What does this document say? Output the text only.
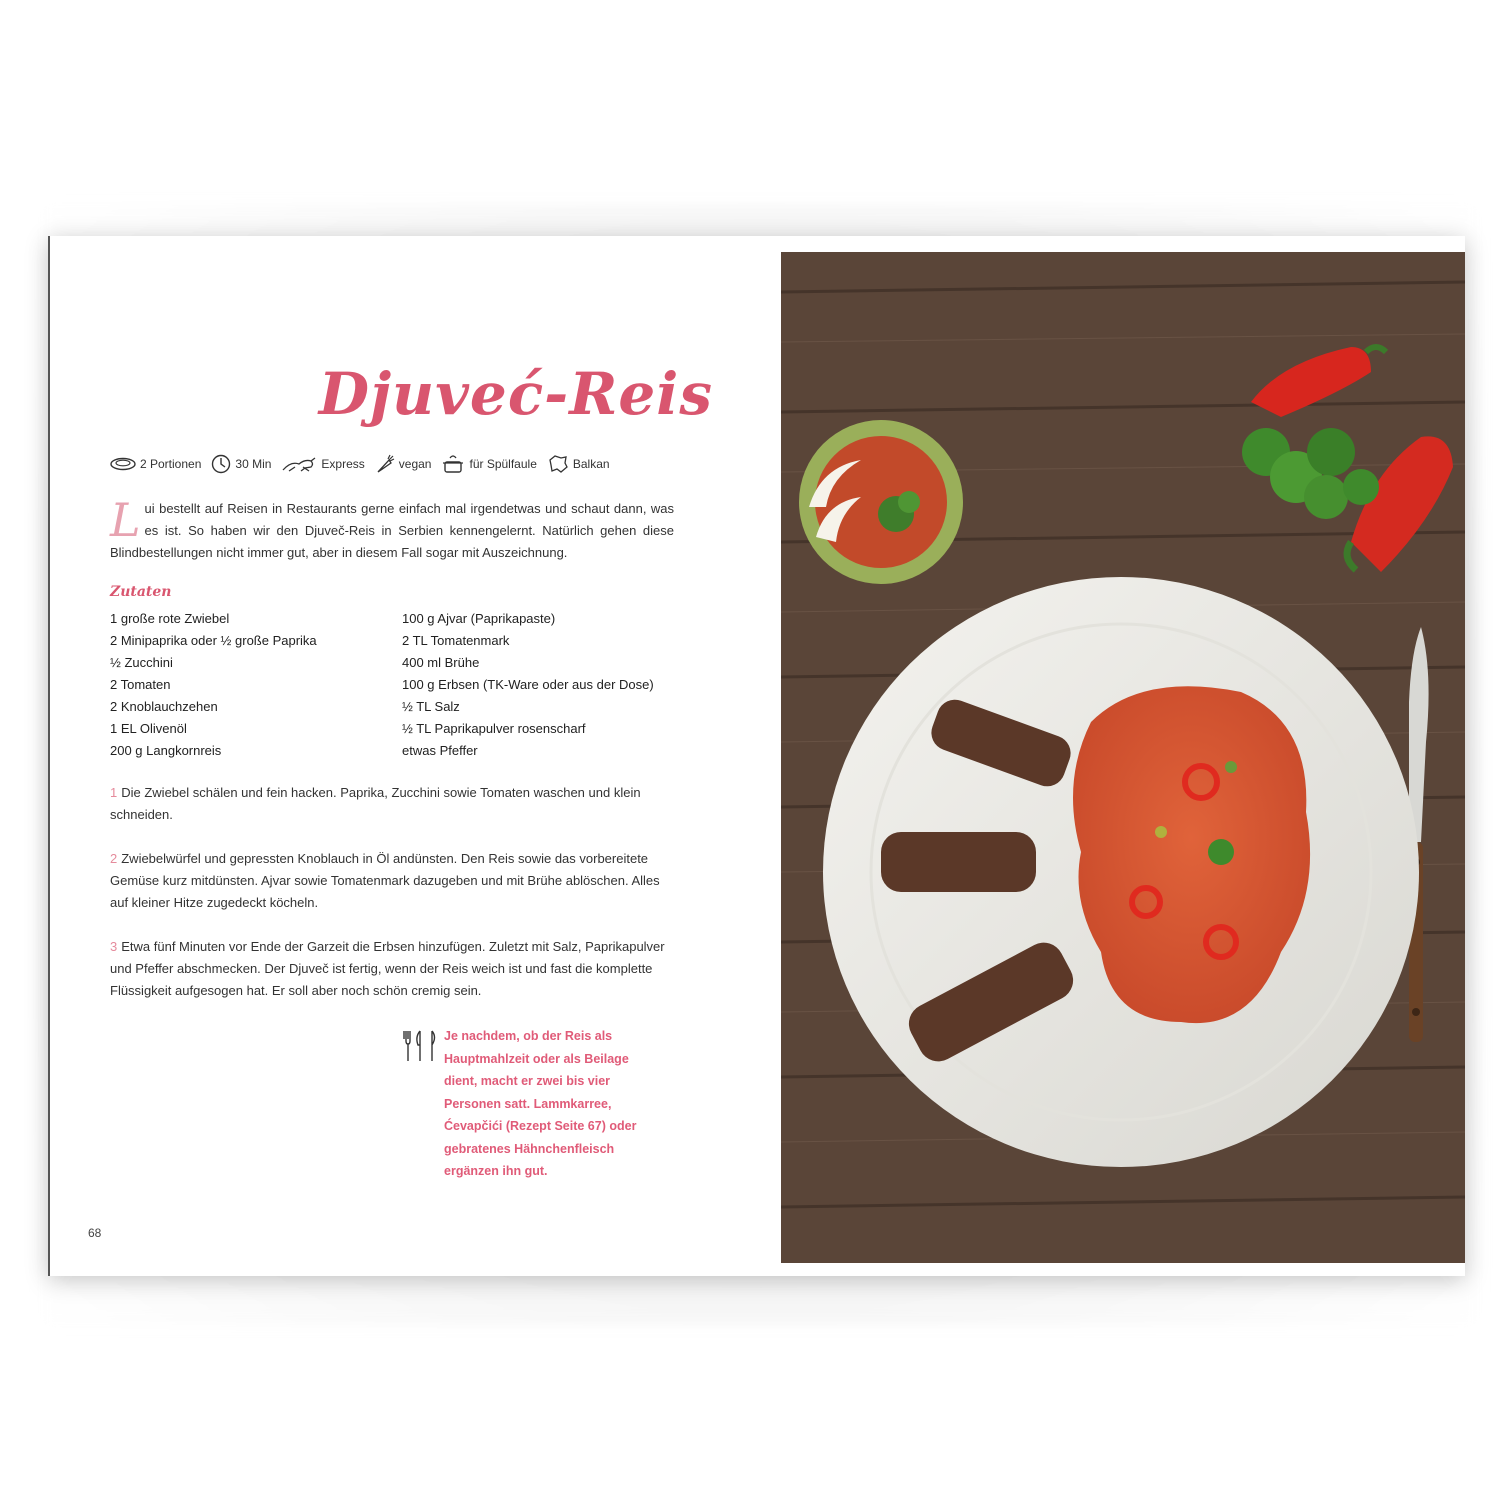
Djuveć-Reis
2 Portionen	30 Min	Express	vegan	für Spülfaule	Balkan
Lui bestellt auf Reisen in Restaurants gerne einfach mal irgendetwas und schaut dann, was es ist. So haben wir den Djuveč-Reis in Serbien kennengelernt. Natürlich gehen diese Blindbestellungen nicht immer gut, aber in diesem Fall sogar mit Auszeichnung.
Zutaten
1 große rote Zwiebel
2 Minipaprika oder ½ große Paprika
½ Zucchini
2 Tomaten
2 Knoblauchzehen
1 EL Olivenöl
200 g Langkornreis
100 g Ajvar (Paprikapaste)
2 TL Tomatenmark
400 ml Brühe
100 g Erbsen (TK-Ware oder aus der Dose)
½ TL Salz
½ TL Paprikapulver rosenscharf
etwas Pfeffer
1 Die Zwiebel schälen und fein hacken. Paprika, Zucchini sowie Tomaten waschen und klein schneiden.
2 Zwiebelwürfel und gepressten Knoblauch in Öl andünsten. Den Reis sowie das vorbereitete Gemüse kurz mitdünsten. Ajvar sowie Tomatenmark dazugeben und mit Brühe ablöschen. Alles auf kleiner Hitze zugedeckt köcheln.
3 Etwa fünf Minuten vor Ende der Garzeit die Erbsen hinzufügen. Zuletzt mit Salz, Paprikapulver und Pfeffer abschmecken. Der Djuveč ist fertig, wenn der Reis weich ist und fast die komplette Flüssigkeit aufgesogen hat. Er soll aber noch schön cremig sein.
Je nachdem, ob der Reis als Hauptmahlzeit oder als Beilage dient, macht er zwei bis vier Personen satt. Lammkarree, Ćevapčići (Rezept Seite 67) oder gebratenes Hähnchenfleisch ergänzen ihn gut.
68
